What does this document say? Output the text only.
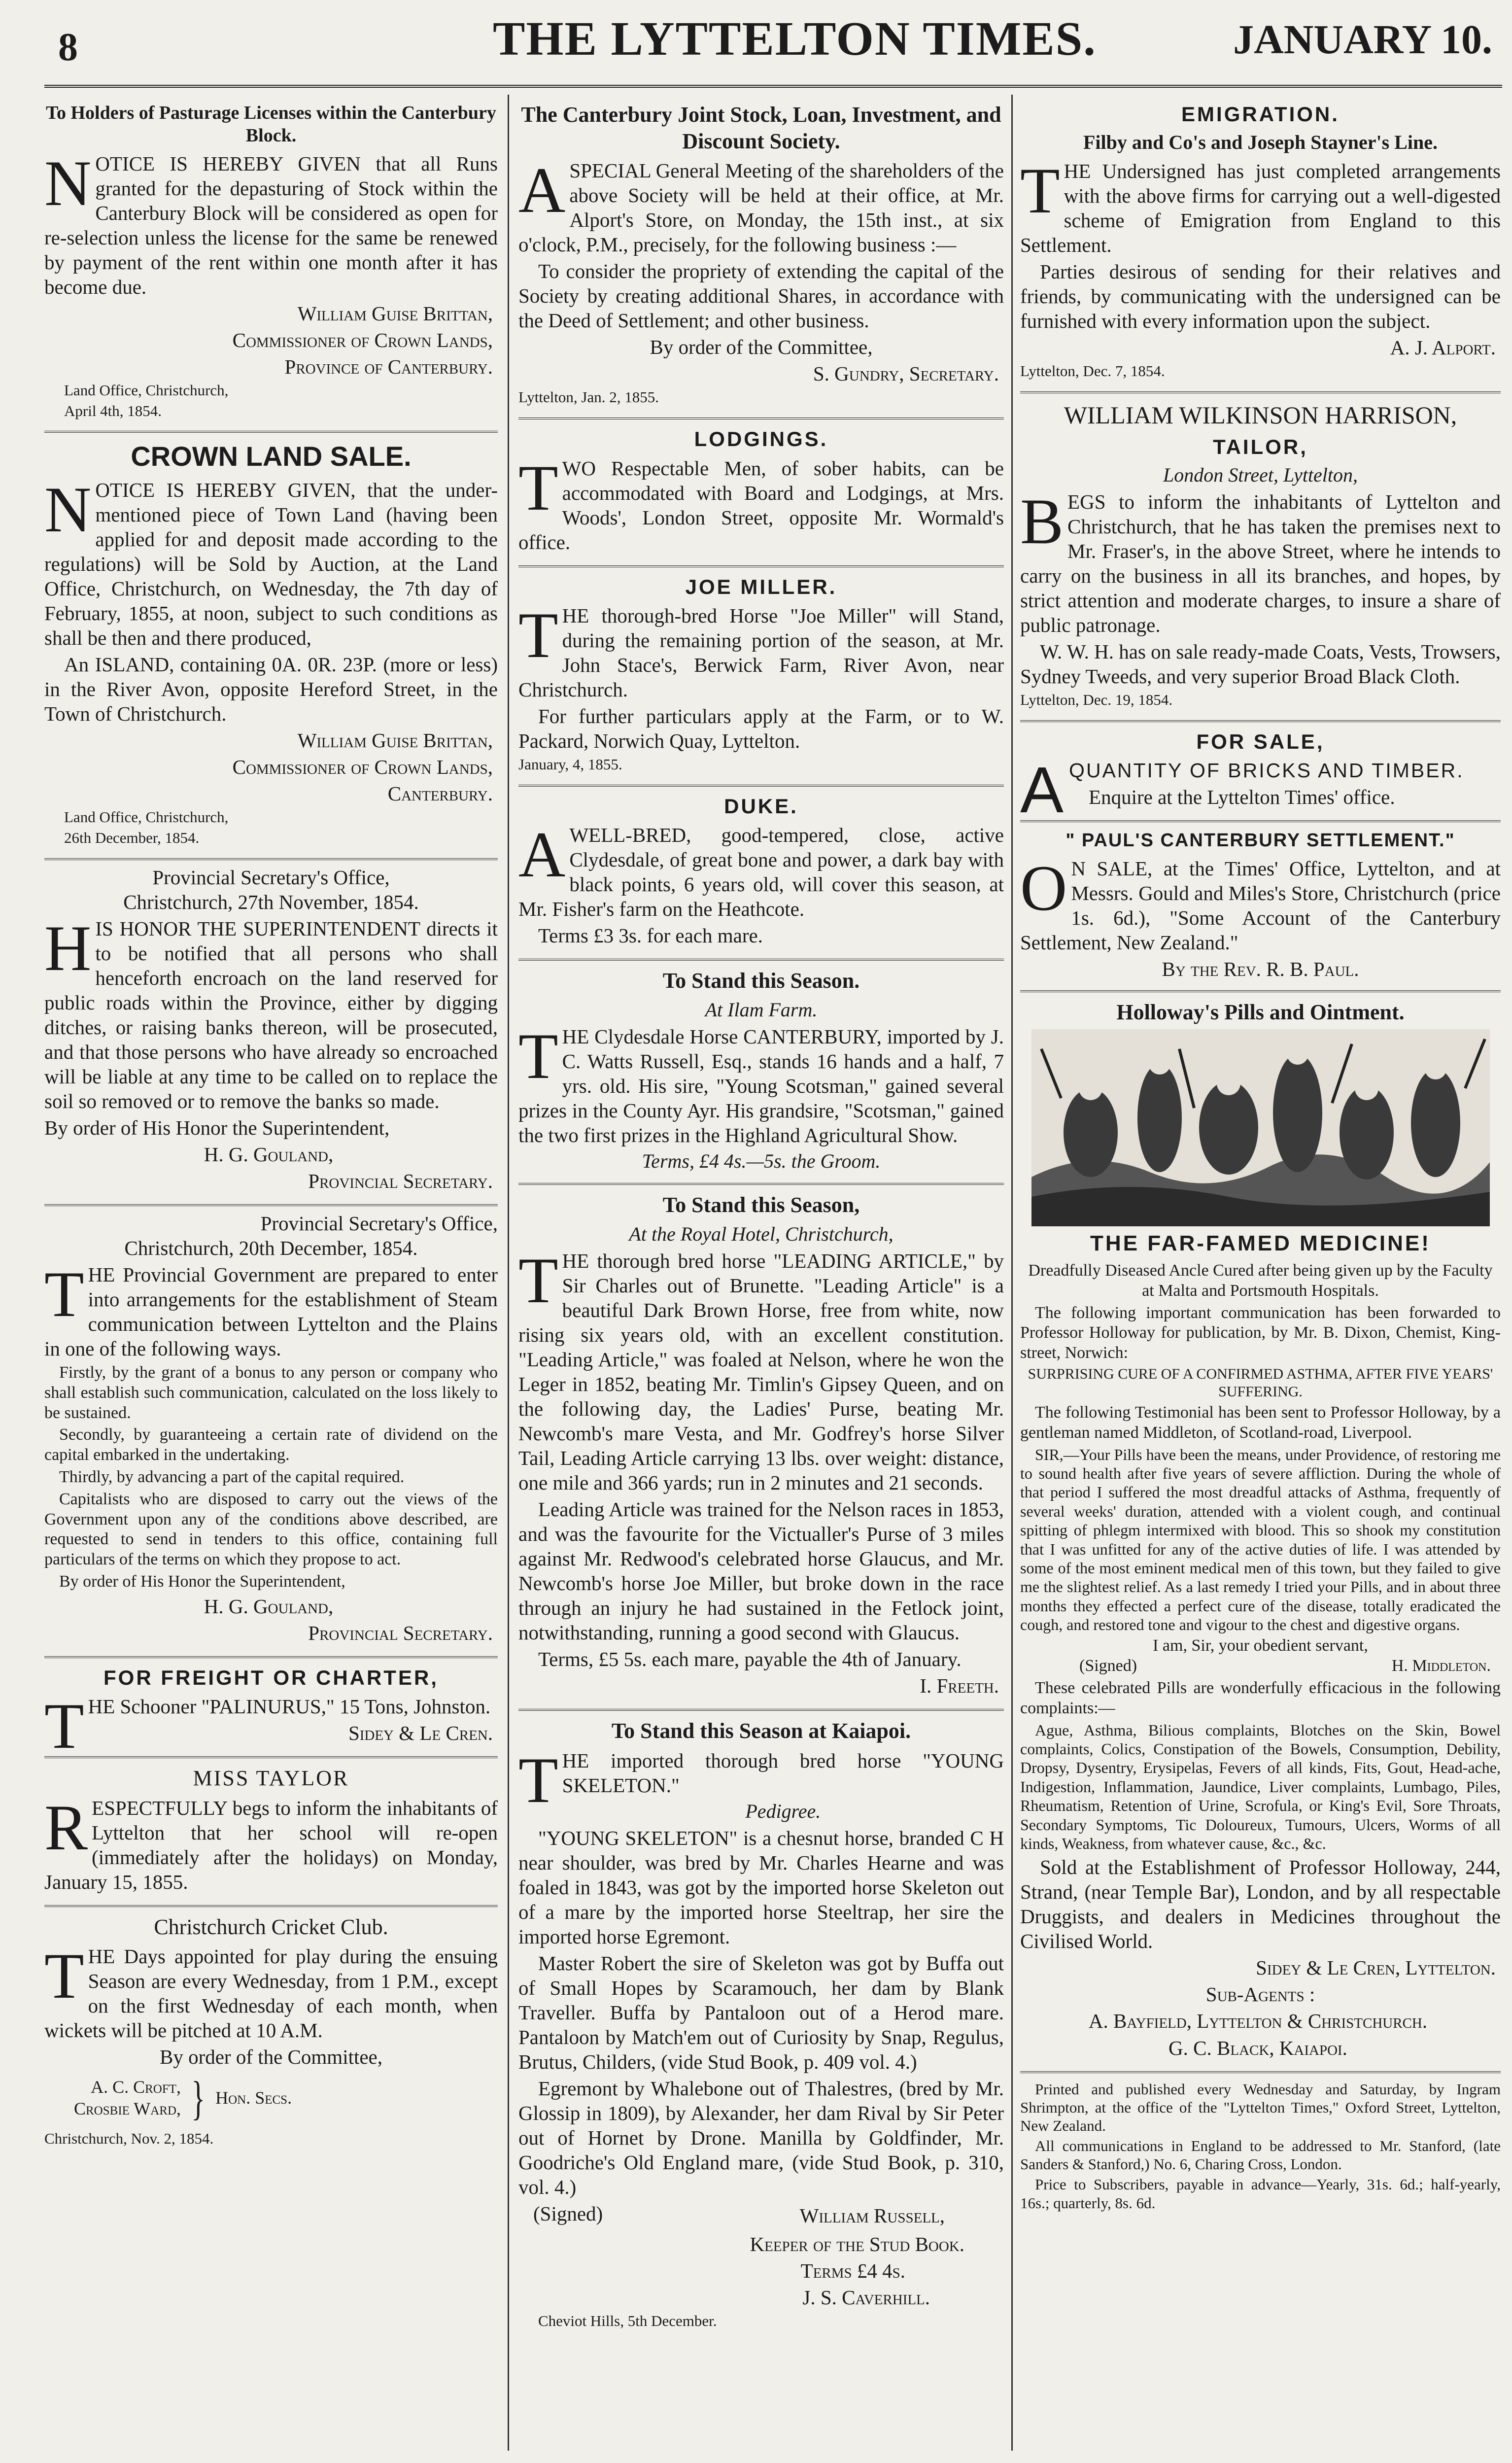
8	THE LYTTELTON TIMES.	JANUARY 10.
To Holders of Pasturage Licenses within the Canterbury Block.

NOTICE IS HEREBY GIVEN that all Runs granted for the depasturing of Stock within the Canterbury Block will be considered as open for re-selection unless the license for the same be renewed by payment of the rent within one month after it has become due.

William Guise Brittan,
Commissioner of Crown Lands,
Province of Canterbury.
Land Office, Christchurch,
April 4th, 1854.
CROWN LAND SALE.

NOTICE IS HEREBY GIVEN, that the under-mentioned piece of Town Land (having been applied for and deposit made according to the regulations) will be Sold by Auction, at the Land Office, Christchurch, on Wednesday, the 7th day of February, 1855, at noon, subject to such conditions as shall be then and there produced,

An ISLAND, containing 0A. 0R. 23P. (more or less) in the River Avon, opposite Hereford Street, in the Town of Christchurch.

William Guise Brittan,
Commissioner of Crown Lands,
Canterbury.
Land Office, Christchurch,
26th December, 1854.
Provincial Secretary's Office,
Christchurch, 27th November, 1854.

HIS HONOR THE SUPERINTENDENT directs it to be notified that all persons who shall henceforth encroach on the land reserved for public roads within the Province, either by digging ditches, or raising banks thereon, will be prosecuted, and that those persons who have already so encroached will be liable at any time to be called on to replace the soil so removed or to remove the banks so made.

By order of His Honor the Superintendent,

H. G. Gouland,
Provincial Secretary.
Provincial Secretary's Office,
Christchurch, 20th December, 1854.

THE Provincial Government are prepared to enter into arrangements for the establishment of Steam communication between Lyttelton and the Plains in one of the following ways.

Firstly, by the grant of a bonus to any person or company who shall establish such communication, calculated on the loss likely to be sustained.

Secondly, by guaranteeing a certain rate of dividend on the capital embarked in the undertaking.

Thirdly, by advancing a part of the capital required.

Capitalists who are disposed to carry out the views of the Government upon any of the conditions above described, are requested to send in tenders to this office, containing full particulars of the terms on which they propose to act.

By order of His Honor the Superintendent,

H. G. Gouland,
Provincial Secretary.
FOR FREIGHT OR CHARTER,

THE Schooner "PALINURUS," 15 Tons, Johnston.

Sidey & Le Cren.
MISS TAYLOR

RESPECTFULLY begs to inform the inhabitants of Lyttelton that her school will re-open (immediately after the holidays) on Monday, January 15, 1855.

Christchurch Cricket Club.

THE Days appointed for play during the ensuing Season are every Wednesday, from 1 P.M., except on the first Wednesday of each month, when wickets will be pitched at 10 A.M.

By order of the Committee,
A. C. Croft,
Crosbie Ward, } Hon. Secs.
Christchurch, Nov. 2, 1854.
The Canterbury Joint Stock, Loan, Investment, and Discount Society.

ASPECIAL General Meeting of the shareholders of the above Society will be held at their office, at Mr. Alport's Store, on Monday, the 15th inst., at six o'clock, P.M., precisely, for the following business :—

To consider the propriety of extending the capital of the Society by creating additional Shares, in accordance with the Deed of Settlement; and other business.

By order of the Committee,
S. Gundry, Secretary.
Lyttelton, Jan. 2, 1855.
LODGINGS.

TWO Respectable Men, of sober habits, can be accommodated with Board and Lodgings, at Mrs. Woods', London Street, opposite Mr. Wormald's office.

JOE MILLER.

THE thorough-bred Horse "Joe Miller" will Stand, during the remaining portion of the season, at Mr. John Stace's, Berwick Farm, River Avon, near Christchurch.

For further particulars apply at the Farm, or to W. Packard, Norwich Quay, Lyttelton.

January, 4, 1855.
DUKE.

AWELL-BRED, good-tempered, close, active Clydesdale, of great bone and power, a dark bay with black points, 6 years old, will cover this season, at Mr. Fisher's farm on the Heathcote.

Terms £3 3s. for each mare.

To Stand this Season.
At Ilam Farm.

THE Clydesdale Horse CANTERBURY, imported by J. C. Watts Russell, Esq., stands 16 hands and a half, 7 yrs. old. His sire, "Young Scotsman," gained several prizes in the County Ayr. His grandsire, "Scotsman," gained the two first prizes in the Highland Agricultural Show.

Terms, £4 4s.—5s. the Groom.
To Stand this Season,
At the Royal Hotel, Christchurch,

THE thorough bred horse "LEADING ARTICLE," by Sir Charles out of Brunette. "Leading Article" is a beautiful Dark Brown Horse, free from white, now rising six years old, with an excellent constitution. "Leading Article," was foaled at Nelson, where he won the Leger in 1852, beating Mr. Timlin's Gipsey Queen, and on the following day, the Ladies' Purse, beating Mr. Newcomb's mare Vesta, and Mr. Godfrey's horse Silver Tail, Leading Article carrying 13 lbs. over weight: distance, one mile and 366 yards; run in 2 minutes and 21 seconds.

Leading Article was trained for the Nelson races in 1853, and was the favourite for the Victualler's Purse of 3 miles against Mr. Redwood's celebrated horse Glaucus, and Mr. Newcomb's horse Joe Miller, but broke down in the race through an injury he had sustained in the Fetlock joint, notwithstanding, running a good second with Glaucus.

Terms, £5 5s. each mare, payable the 4th of January.

I. Freeth.
To Stand this Season at Kaiapoi.

THE imported thorough bred horse "YOUNG SKELETON."

Pedigree.

"YOUNG SKELETON" is a chesnut horse, branded C H near shoulder, was bred by Mr. Charles Hearne and was foaled in 1843, was got by the imported horse Skeleton out of a mare by the imported horse Steeltrap, her sire the imported horse Egremont.

Master Robert the sire of Skeleton was got by Buffa out of Small Hopes by Scaramouch, her dam by Blank Traveller. Buffa by Pantaloon out of a Herod mare. Pantaloon by Match'em out of Curiosity by Snap, Regulus, Brutus, Childers, (vide Stud Book, p. 409 vol. 4.)

Egremont by Whalebone out of Thalestres, (bred by Mr. Glossip in 1809), by Alexander, her dam Rival by Sir Peter out of Hornet by Drone. Manilla by Goldfinder, Mr. Goodriche's Old England mare, (vide Stud Book, p. 310, vol. 4.)

(Signed)	William Russell,
Keeper of the Stud Book.
Terms £4 4s.
J. S. Caverhill.
Cheviot Hills, 5th December.
EMIGRATION.
Filby and Co's and Joseph Stayner's Line.

THE Undersigned has just completed arrangements with the above firms for carrying out a well-digested scheme of Emigration from England to this Settlement.

Parties desirous of sending for their relatives and friends, by communicating with the undersigned can be furnished with every information upon the subject.

A. J. Alport.
Lyttelton, Dec. 7, 1854.
WILLIAM WILKINSON HARRISON,
TAILOR,
London Street, Lyttelton,

BEGS to inform the inhabitants of Lyttelton and Christchurch, that he has taken the premises next to Mr. Fraser's, in the above Street, where he intends to carry on the business in all its branches, and hopes, by strict attention and moderate charges, to insure a share of public patronage.

W. W. H. has on sale ready-made Coats, Vests, Trowsers, Sydney Tweeds, and very superior Broad Black Cloth.

Lyttelton, Dec. 19, 1854.
FOR SALE,

AQUANTITY OF BRICKS AND TIMBER.

Enquire at the Lyttelton Times' office.

" PAUL'S CANTERBURY SETTLEMENT."

ON SALE, at the Times' Office, Lyttelton, and at Messrs. Gould and Miles's Store, Christchurch (price 1s. 6d.), "Some Account of the Canterbury Settlement, New Zealand."

By the Rev. R. B. Paul.
Holloway's Pills and Ointment.
THE FAR-FAMED MEDICINE!
Dreadfully Diseased Ancle Cured after being given up by the Faculty at Malta and Portsmouth Hospitals.

The following important communication has been forwarded to Professor Holloway for publication, by Mr. B. Dixon, Chemist, King-street, Norwich:

SURPRISING CURE OF A CONFIRMED ASTHMA, AFTER FIVE YEARS' SUFFERING.

The following Testimonial has been sent to Professor Holloway, by a gentleman named Middleton, of Scotland-road, Liverpool.

SIR,—Your Pills have been the means, under Providence, of restoring me to sound health after five years of severe affliction. During the whole of that period I suffered the most dreadful attacks of Asthma, frequently of several weeks' duration, attended with a violent cough, and continual spitting of phlegm intermixed with blood. This so shook my constitution that I was unfitted for any of the active duties of life. I was attended by some of the most eminent medical men of this town, but they failed to give me the slightest relief. As a last remedy I tried your Pills, and in about three months they effected a perfect cure of the disease, totally eradicated the cough, and restored tone and vigour to the chest and digestive organs.

I am, Sir, your obedient servant,
(Signed)	H. Middleton.

These celebrated Pills are wonderfully efficacious in the following complaints:—

Ague, Asthma, Bilious complaints, Blotches on the Skin, Bowel complaints, Colics, Constipation of the Bowels, Consumption, Debility, Dropsy, Dysentry, Erysipelas, Fevers of all kinds, Fits, Gout, Head-ache, Indigestion, Inflammation, Jaundice, Liver complaints, Lumbago, Piles, Rheumatism, Retention of Urine, Scrofula, or King's Evil, Sore Throats, Secondary Symptoms, Tic Doloureux, Tumours, Ulcers, Worms of all kinds, Weakness, from whatever cause, &c., &c.

Sold at the Establishment of Professor Holloway, 244, Strand, (near Temple Bar), London, and by all respectable Druggists, and dealers in Medicines throughout the Civilised World.

Sidey & Le Cren, Lyttelton.
Sub-Agents :
A. Bayfield, Lyttelton & Christchurch.
G. C. Black, Kaiapoi.

Printed and published every Wednesday and Saturday, by Ingram Shrimpton, at the office of the "Lyttelton Times," Oxford Street, Lyttelton, New Zealand.

All communications in England to be addressed to Mr. Stanford, (late Sanders & Stanford,) No. 6, Charing Cross, London.

Price to Subscribers, payable in advance—Yearly, 31s. 6d.; half-yearly, 16s.; quarterly, 8s. 6d.
